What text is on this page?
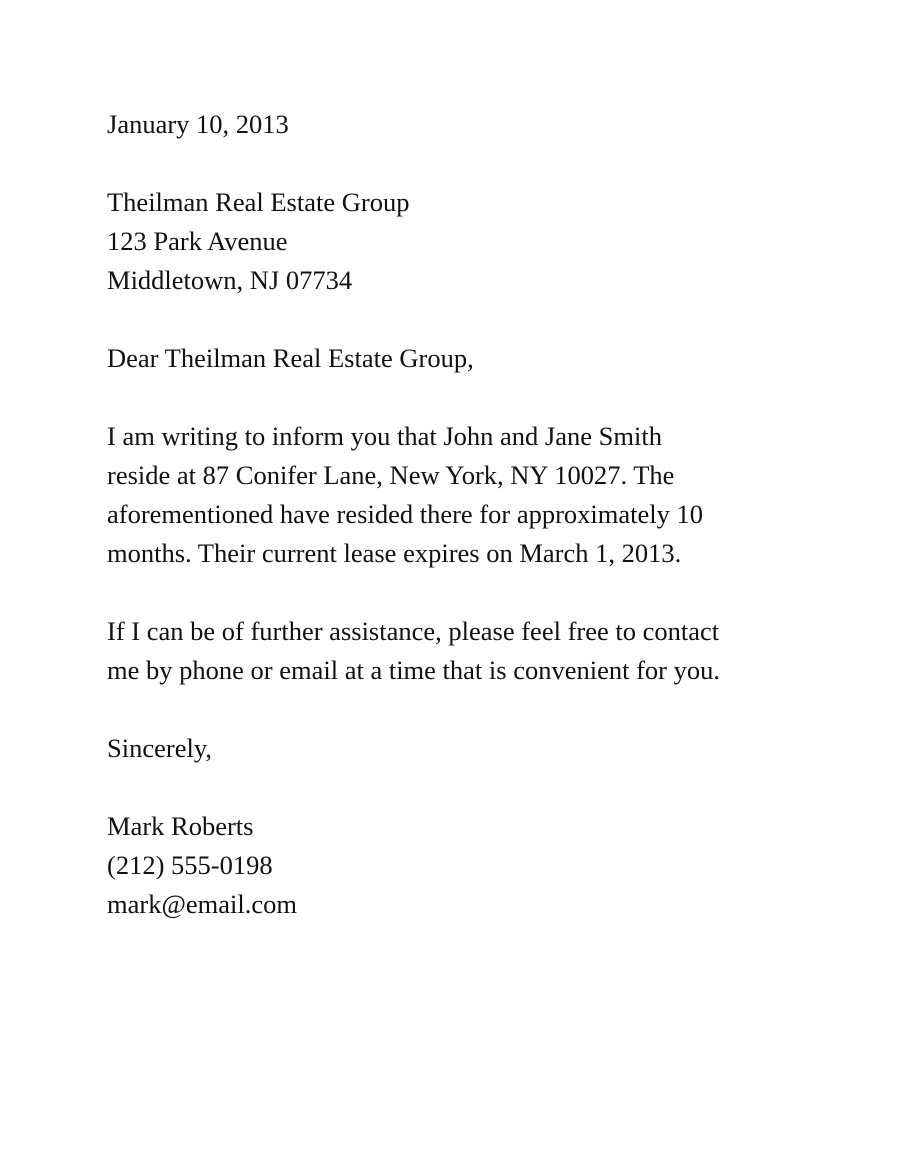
January 10, 2013
Theilman Real Estate Group
123 Park Avenue
Middletown, NJ 07734
Dear Theilman Real Estate Group,
I am writing to inform you that John and Jane Smith
reside at 87 Conifer Lane, New York, NY 10027. The
aforementioned have resided there for approximately 10
months. Their current lease expires on March 1, 2013.
If I can be of further assistance, please feel free to contact
me by phone or email at a time that is convenient for you.
Sincerely,
Mark Roberts
(212) 555-0198
mark@email.com
